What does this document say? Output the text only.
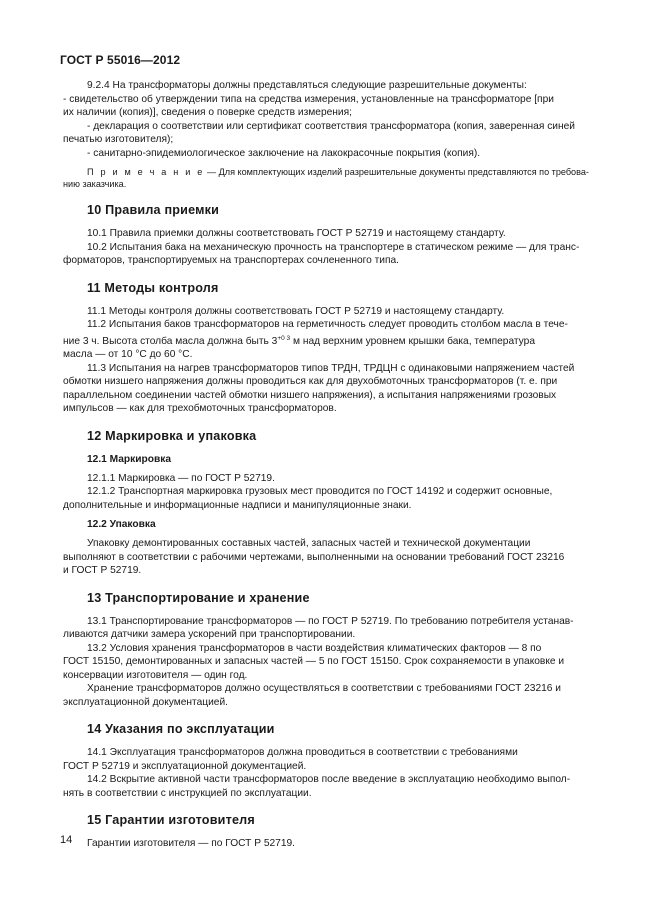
ГОСТ Р 55016—2012

9.2.4 На трансформаторы должны представляться следующие разрешительные документы:

- свидетельство об утверждении типа на средства измерения, установленные на трансформаторе [при

их наличии (копия)], сведения о поверке средств измерения;

- декларация о соответствии или сертификат соответствия трансформатора (копия, заверенная синей

печатью изготовителя);

- санитарно-эпидемиологическое заключение на лакокрасочные покрытия (копия).

П р и м е ч а н и е — Для комплектующих изделий разрешительные документы представляются по требова-

нию заказчика.

10 Правила приемки

10.1 Правила приемки должны соответствовать ГОСТ Р 52719 и настоящему стандарту.

10.2 Испытания бака на механическую прочность на транспортере в статическом режиме — для транс-

форматоров, транспортируемых на транспортерах сочлененного типа.

11 Методы контроля

11.1 Методы контроля должны соответствовать ГОСТ Р 52719 и настоящему стандарту.

11.2 Испытания баков трансформаторов на герметичность следует проводить столбом масла в тече-

ние 3 ч. Высота столба масла должна быть $3^{+0 3}$ м над верхним уровнем крышки бака, температура

масла — от 10 °С до 60 °С.

11.3 Испытания на нагрев трансформаторов типов ТРДН, ТРДЦН с одинаковыми напряжением частей

обмотки низшего напряжения должны проводиться как для двухобмоточных трансформаторов (т. е. при

параллельном соединении частей обмотки низшего напряжения), а испытания напряжениями грозовых

импульсов — как для трехобмоточных трансформаторов.

12 Маркировка и упаковка
12.1 Маркировка

12.1.1 Маркировка — по ГОСТ Р 52719.

12.1.2 Транспортная маркировка грузовых мест проводится по ГОСТ 14192 и содержит основные,

дополнительные и информационные надписи и манипуляционные знаки.

12.2 Упаковка

Упаковку демонтированных составных частей, запасных частей и технической документации

выполняют в соответствии с рабочими чертежами, выполненными на основании требований ГОСТ 23216

и ГОСТ Р 52719.

13 Транспортирование и хранение

13.1 Транспортирование трансформаторов — по ГОСТ Р 52719. По требованию потребителя устанав-

ливаются датчики замера ускорений при транспортировании.

13.2 Условия хранения трансформаторов в части воздействия климатических факторов — 8 по

ГОСТ 15150, демонтированных и запасных частей — 5 по ГОСТ 15150. Срок сохраняемости в упаковке и

консервации изготовителя — один год.

Хранение трансформаторов должно осуществляться в соответствии с требованиями ГОСТ 23216 и

эксплуатационной документацией.

14 Указания по эксплуатации

14.1 Эксплуатация трансформаторов должна проводиться в соответствии с требованиями

ГОСТ Р 52719 и эксплуатационной документацией.

14.2 Вскрытие активной части трансформаторов после введение в эксплуатацию необходимо выпол-

нять в соответствии с инструкцией по эксплуатации.

15 Гарантии изготовителя

Гарантии изготовителя — по ГОСТ Р 52719.

14
